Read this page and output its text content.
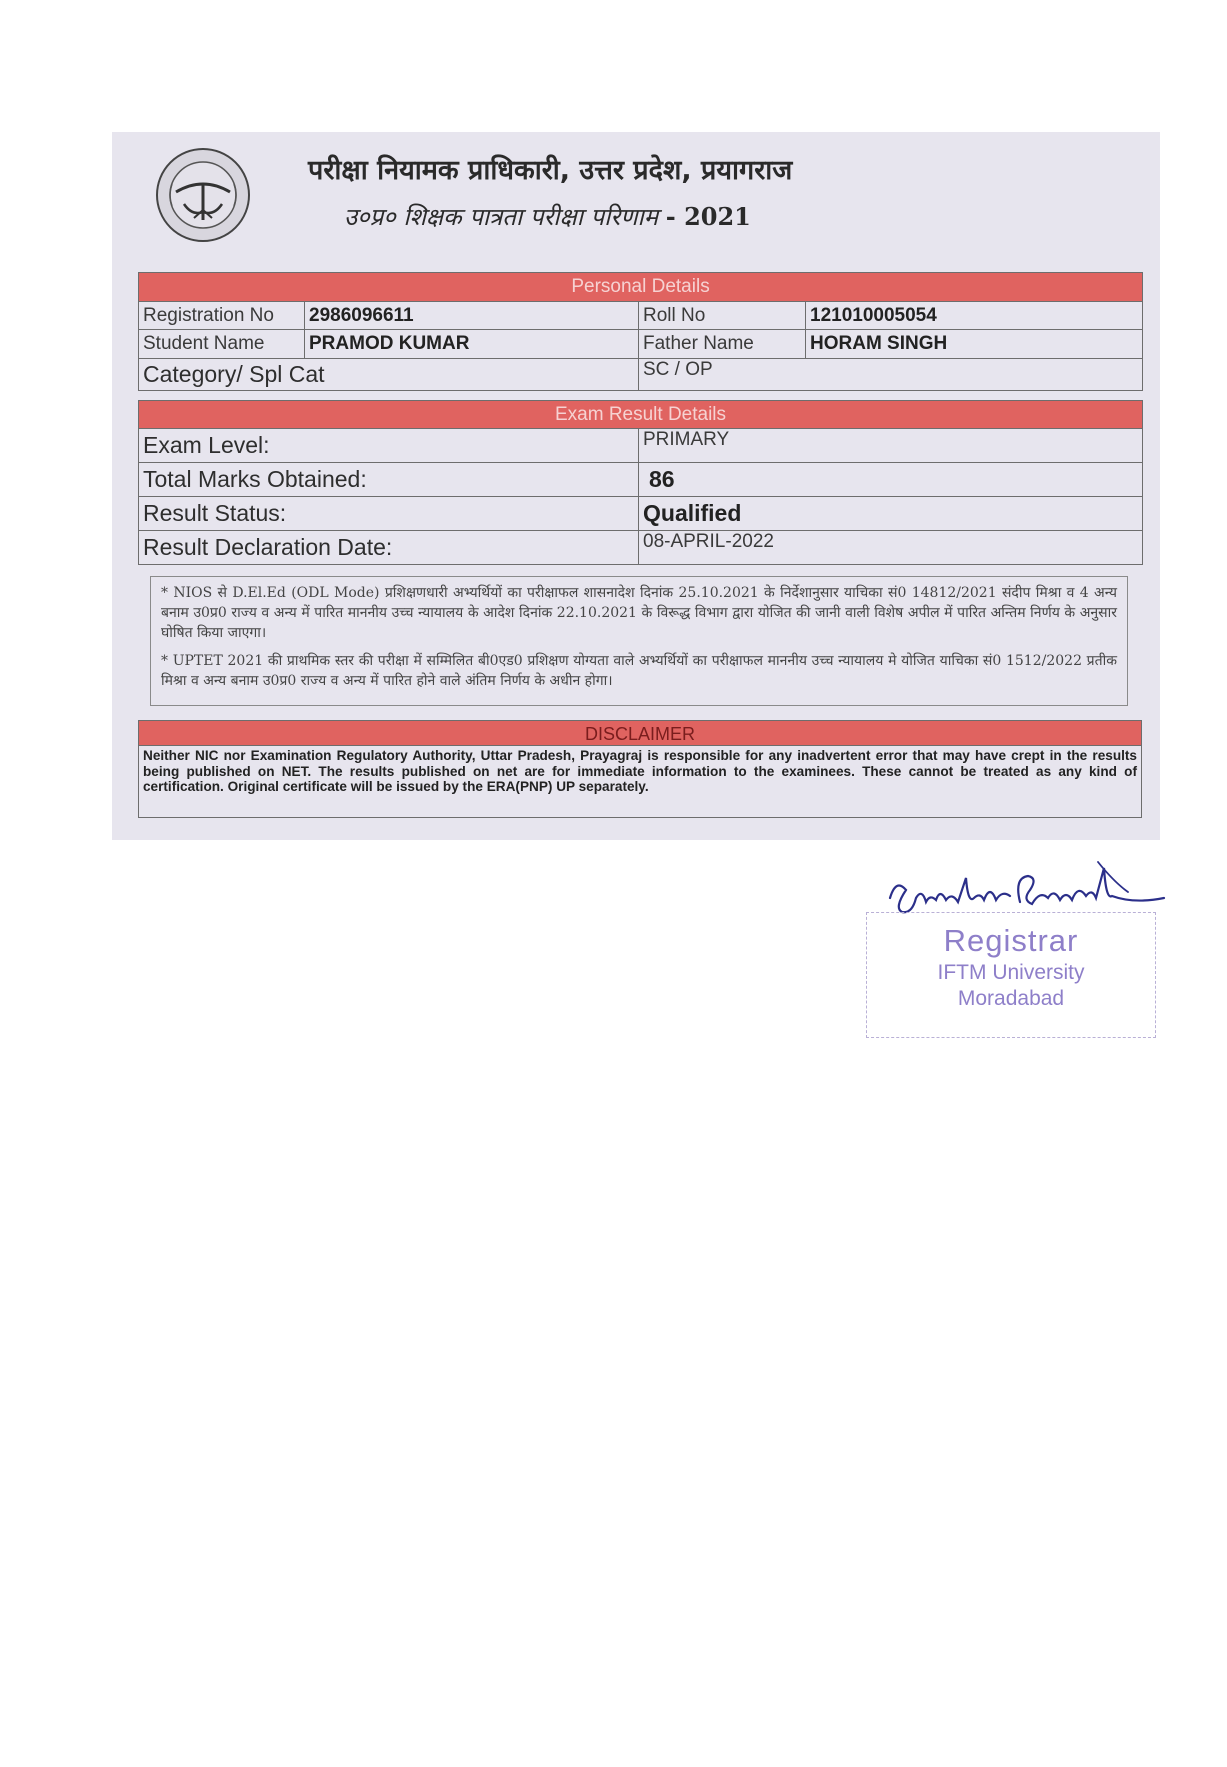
परीक्षा नियामक प्राधिकारी, उत्तर प्रदेश, प्रयागराज
उ०प्र० शिक्षक पात्रता परीक्षा परिणाम - 2021
Personal Details			
Registration No	2986096611	Roll No	121010005054
Student Name	PRAMOD KUMAR	Father Name	HORAM SINGH
Category/ Spl Cat		SC / OP	
Exam Result Details	
Exam Level:	PRIMARY
Total Marks Obtained:	86
Result Status:	Qualified
Result Declaration Date:	08-APRIL-2022

* NIOS से D.El.Ed (ODL Mode) प्रशिक्षणधारी अभ्यर्थियों का परीक्षाफल शासनादेश दिनांक 25.10.2021 के निर्देशानुसार याचिका सं0 14812/2021 संदीप मिश्रा व 4 अन्य बनाम उ0प्र0 राज्य व अन्य में पारित माननीय उच्च न्यायालय के आदेश दिनांक 22.10.2021 के विरूद्ध विभाग द्वारा योजित की जानी वाली विशेष अपील में पारित अन्तिम निर्णय के अनुसार घोषित किया जाएगा।

* UPTET 2021 की प्राथमिक स्तर की परीक्षा में सम्मिलित बी0एड0 प्रशिक्षण योग्यता वाले अभ्यर्थियों का परीक्षाफल माननीय उच्च न्यायालय मे योजित याचिका सं0 1512/2022 प्रतीक मिश्रा व अन्य बनाम उ0प्र0 राज्य व अन्य में पारित होने वाले अंतिम निर्णय के अधीन होगा।

DISCLAIMER
Neither NIC nor Examination Regulatory Authority, Uttar Pradesh, Prayagraj is responsible for any inadvertent error that may have crept in the results being published on NET. The results published on net are for immediate information to the examinees. These cannot be treated as any kind of certification. Original certificate will be issued by the ERA(PNP) UP separately.
Registrar
IFTM University
Moradabad
